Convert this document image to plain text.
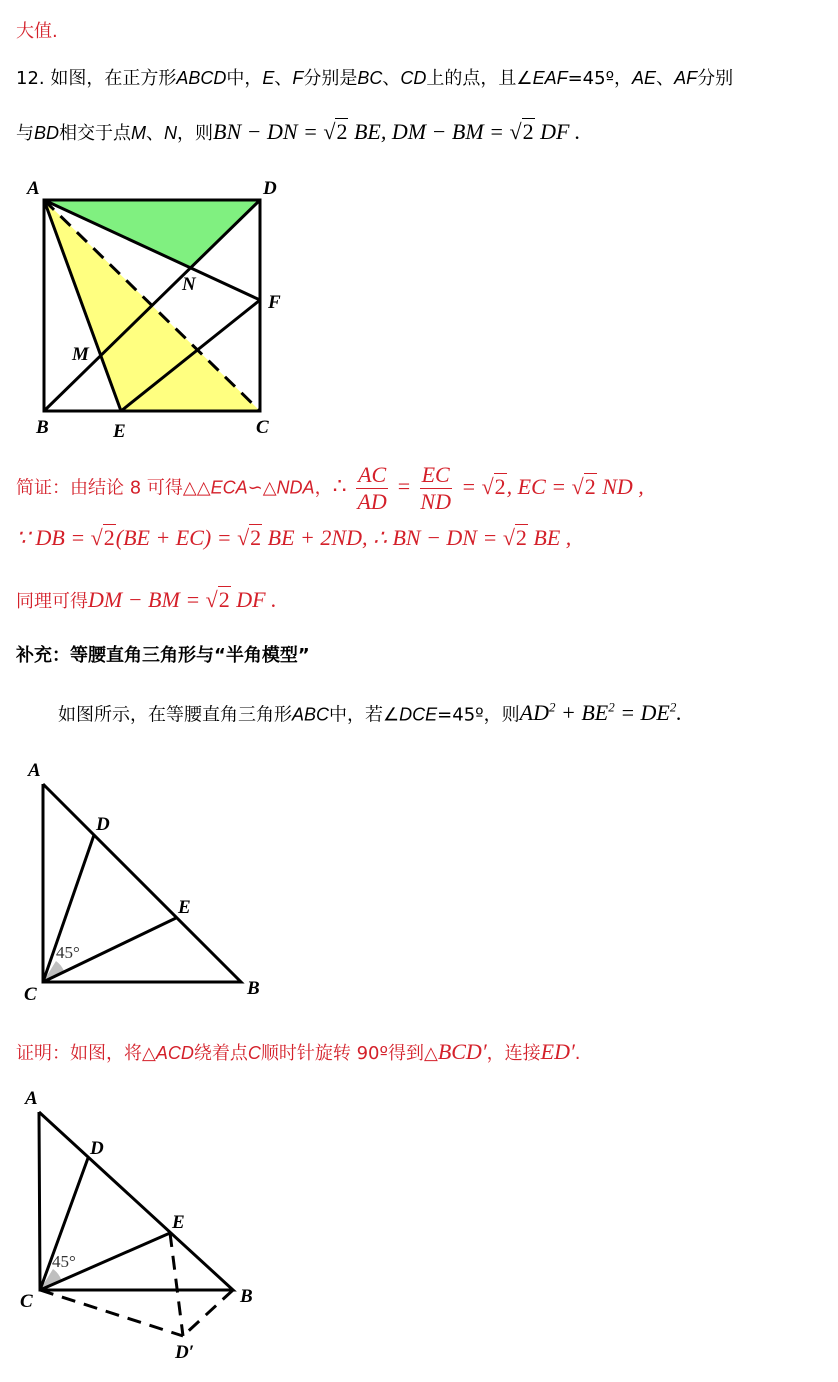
大值.
12. 如图，在正方形ABCD中，E、F分别是BC、CD上的点，且∠EAF=45º，AE、AF分别
与BD相交于点M、N，则BN − DN = √2 BE, DM − BM = √2 DF .
A	D
N
F
M
B	E	C
简证：由结论 8 可得△△ECA∽△NDA，∴ $\frac{AC}{AD} = \frac{EC}{ND} = √2$, EC = √2 ND ,
∵ DB = √2(BE + EC) = √2 BE + 2ND, ∴ BN − DN = √2 BE ,
同理可得DM − BM = √2 DF .
补充：等腰直角三角形与“半角模型”
如图所示，在等腰直角三角形ABC中，若∠DCE=45º，则$AD^2 + BE^2 = DE^2$.
A
D
E
C	B
45°
证明：如图，将△ACD绕着点C顺时针旋转 90º得到△BCD′，连接ED′.
A
D
E
C	B
D′
45°
